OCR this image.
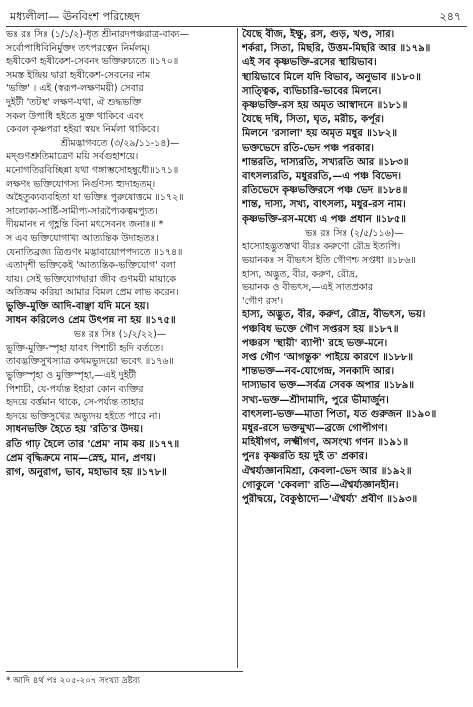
মধ্যলীলা— ঊনবিংশ পরিচ্ছেদ	২৪৭
ভঃ রঃ সিঃ (১/১/২)-ধৃত শ্রীনারদপঞ্চরাত্র-বাক্য—
সর্বোপাধিবিনির্মুক্তং তৎপরত্বেন নির্মলম্।
হৃষীকেণ হৃষীকেশ-সেবনং ভক্তিরুচ্যতে ॥১৭০॥
সমস্ত ইন্দ্রিয় দ্বারা হৃষীকেশ-সেবনের নাম
'ভক্তি' । এই (স্বরূপ-লক্ষণময়ী) সেবার
দুইটী 'তটস্থ' লক্ষণ-যথা, ঐ শুদ্ধভক্তি
সকল উপাধি হইতে মুক্ত থাকিবে এবং
কেবল কৃষ্ণপরা হইয়া স্বয়ং নির্মলা থাকিবে।
শ্রীমদ্ভাগবতে (৩/২৯/১১-১৪)—
মদ্গুণশ্রুতিমাত্রেণ ময়ি সর্বগুহাশয়ে।
মনোগতিরবিচ্ছিন্না যথা গঙ্গাম্ভসোহম্বুধৌ॥১৭১॥
লক্ষণং ভক্তিযোগস্য নির্গুণস্য হ্যুদাহৃতম্।
অহৈতুক্যব্যবহিতা যা ভক্তিঃ পুরুষোত্তমে ॥১৭২॥
সালোক্য-সার্ষ্টি-সামীপ্য-সারূপ্যৈকত্বমপ্যুত।
দীয়মানং ন গৃহ্ণন্তি বিনা মৎসেবনং জনাঃ॥ *
স এব ভক্তিযোগাখ্য আত্যন্তিক উদাহৃতঃ।
যেনাতিব্রজ্য ত্রিগুণং মদ্ভাবায়োপপদ্যতে ॥১৭৪॥
এতাদৃশী ভক্তিকেই 'আত্যন্তিক-ভক্তিযোগ' বলা
যায়। সেই ভক্তিযোগদ্বারা জীব গুণময়ী মায়াকে
অতিক্রম করিয়া আমার বিমল প্রেম লাভ করেন।
ভুক্তি-মুক্তি আদি-বাঞ্ছা যদি মনে হয়।
সাধন করিলেও প্রেম উৎপন্ন না হয় ॥১৭৫॥
ভঃ রঃ সিঃ (১/২/২২)—
ভুক্তি-মুক্তি-স্পৃহা যাবৎ পিশাচী হৃদি বর্ততে।
তাবদ্ভক্তিসুখস্যাত্র কথমভ্যুদয়ো ভবেৎ ॥১৭৬॥
ভুক্তিস্পৃহা ও মুক্তিস্পৃহা,—এই দুইটী
পিশাচী, যে-পর্য্যন্ত ইহারা কোন ব্যক্তির
হৃদয়ে বর্ত্তমান থাকে, সে-পর্য্যন্ত তাহার
হৃদয়ে ভক্তিসুখের অভ্যুদয় হইতে পারে না।
সাধনভক্তি হৈতে হয় 'রতি'র উদয়।
রতি গাঢ় হৈলে তার 'প্রেম' নাম কয় ॥১৭৭॥
প্রেম বৃদ্ধিক্রমে নাম—স্নেহ, মান, প্রণয়।
রাগ, অনুরাগ, ভাব, মহাভাব হয় ॥১৭৮॥
যৈছে বীজ, ইক্ষু, রস, গুড়, খণ্ড, সার।
শর্করা, সিতা, মিছরি, উত্তম-মিছরি আর ॥১৭৯॥
এই সব কৃষ্ণভক্তি-রসের স্থায়িভাব।
স্থায়িভাবে মিলে যদি বিভাব, অনুভাব ॥১৮০॥
সাত্ত্বিক, ব্যভিচারি-ভাবের মিলনে।
কৃষ্ণভক্তি-রস হয় অমৃত আস্বাদনে ॥১৮১॥
যৈছে দধি, সিতা, ঘৃত, মরীচ, কর্পূর।
মিলনে 'রসালা' হয় অমৃত মধুর ॥১৮২॥
ভক্তভেদে রতি-ভেদ পঞ্চ পরকার।
শান্তরতি, দাস্যরতি, সখ্যরতি আর ॥১৮৩॥
বাৎসল্যরতি, মধুররতি,—এ পঞ্চ বিভেদ।
রতিভেদে কৃষ্ণভক্তিরসে পঞ্চ ভেদ ॥১৮৪॥
শান্ত, দাস্য, সখ্য, বাৎসল্য, মধুর-রস নাম।
কৃষ্ণভক্তি-রস-মধ্যে এ পঞ্চ প্রধান ॥১৮৫॥
ভঃ রঃ সিঃ (২/৫/১১৬)—
হাস্যোহদ্ভুতস্তথা বীরঃ করুণো রৌদ্র ইত্যপি।
ভয়ানকঃ স বীভৎস ইতি গৌণশ্চ সপ্তধা ॥১৮৬॥
হাস্য, অদ্ভুত, বীর, করুণ, রৌদ্র,
ভয়ানক ও বীভৎস,—এই সাতপ্রকার
'গৌণ রস'।
হাস্য, অদ্ভুত, বীর, করুণ, রৌদ্র, বীভৎস, ভয়।
পঞ্চবিধ ভক্তে গৌণ সপ্তরস হয় ॥১৮৭॥
পঞ্চরস 'স্থায়ী' ব্যাপী' রহে ভক্ত-মনে।
সপ্ত গৌণ 'আগন্তুক' পাইয়ে কারণে ॥১৮৮॥
শান্তভক্ত—নব-যোগেন্দ্র, সনকাদি আর।
দাস্যভাব ভক্ত—সর্বত্র সেবক অপার ॥১৮৯॥
সখ্য-ভক্ত—শ্রীদামাদি, পুরে ভীমার্জুন।
বাৎসল্য-ভক্ত—মাতা পিতা, যত গুরুজন ॥১৯০॥
মধুর-রসে ভক্তমুখ্য—ব্রজে গোপীগণ।
মহিষীগণ, লক্ষ্মীগণ, অসংখ্য গণন ॥১৯১॥
পুনঃ কৃষ্ণরতি হয় দুই ত' প্রকার।
ঐশ্বর্য্যজ্ঞানমিশ্রা, কেবলা-ভেদ আর ॥১৯২॥
গোকুলে 'কেবলা' রতি—ঐশ্বর্য্যজ্ঞানহীন।
পুরীদ্বয়ে, বৈকুণ্ঠাদ্যে—'ঐশ্বর্য্য' প্রবীণ ॥১৯৩॥
* আদি ৪র্থ পঃ ২০৫-২০৭ সংখ্যা দ্রষ্টব্য
